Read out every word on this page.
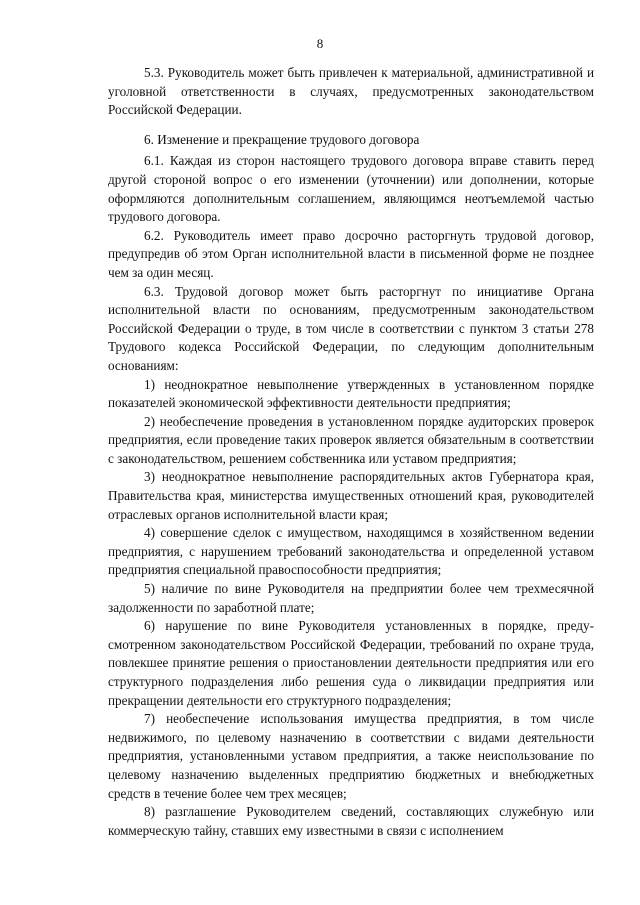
8

5.3. Руководитель может быть привлечен к материальной, административной и уголовной ответственности в случаях, предусмотренных законодательством Российской Федерации.

6. Изменение и прекращение трудового договора

6.1. Каждая из сторон настоящего трудового договора вправе ставить перед другой стороной вопрос о его изменении (уточнении) или дополнении, которые оформляются дополнительным соглашением, являющимся неотъемлемой частью трудового договора.

6.2. Руководитель имеет право досрочно расторгнуть трудовой договор, предупредив об этом Орган исполнительной власти в письменной форме не позднее чем за один месяц.

6.3. Трудовой договор может быть расторгнут по инициативе Органа исполнительной власти по основаниям, предусмотренным законодательством Российской Федерации о труде, в том числе в соответствии с пунктом 3 статьи 278 Трудового кодекса Российской Федерации, по следующим дополнительным основаниям:

1) неоднократное невыполнение утвержденных в установленном порядке показателей экономической эффективности деятельности предприятия;

2) необеспечение проведения в установленном порядке аудиторских проверок предприятия, если проведение таких проверок является обязательным в соответствии с законодательством, решением собственника или уставом предприятия;

3) неоднократное невыполнение распорядительных актов Губернатора края, Правительства края, министерства имущественных отношений края, руководителей отраслевых органов исполнительной власти края;

4) совершение сделок с имуществом, находящимся в хозяйственном ведении предприятия, с нарушением требований законодательства и определенной уставом предприятия специальной правоспособности предприятия;

5) наличие по вине Руководителя на предприятии более чем трехмесячной задолженности по заработной плате;

6) нарушение по вине Руководителя установленных в порядке, предусмотренном законодательством Российской Федерации, требований по охране труда, повлекшее принятие решения о приостановлении деятельности предприятия или его структурного подразделения либо решения суда о ликвидации предприятия или прекращении деятельности его структурного подразделения;

7) необеспечение использования имущества предприятия, в том числе недвижимого, по целевому назначению в соответствии с видами деятельности предприятия, установленными уставом предприятия, а также неиспользование по целевому назначению выделенных предприятию бюджетных и внебюджетных средств в течение более чем трех месяцев;

8) разглашение Руководителем сведений, составляющих служебную или коммерческую тайну, ставших ему известными в связи с исполнением
